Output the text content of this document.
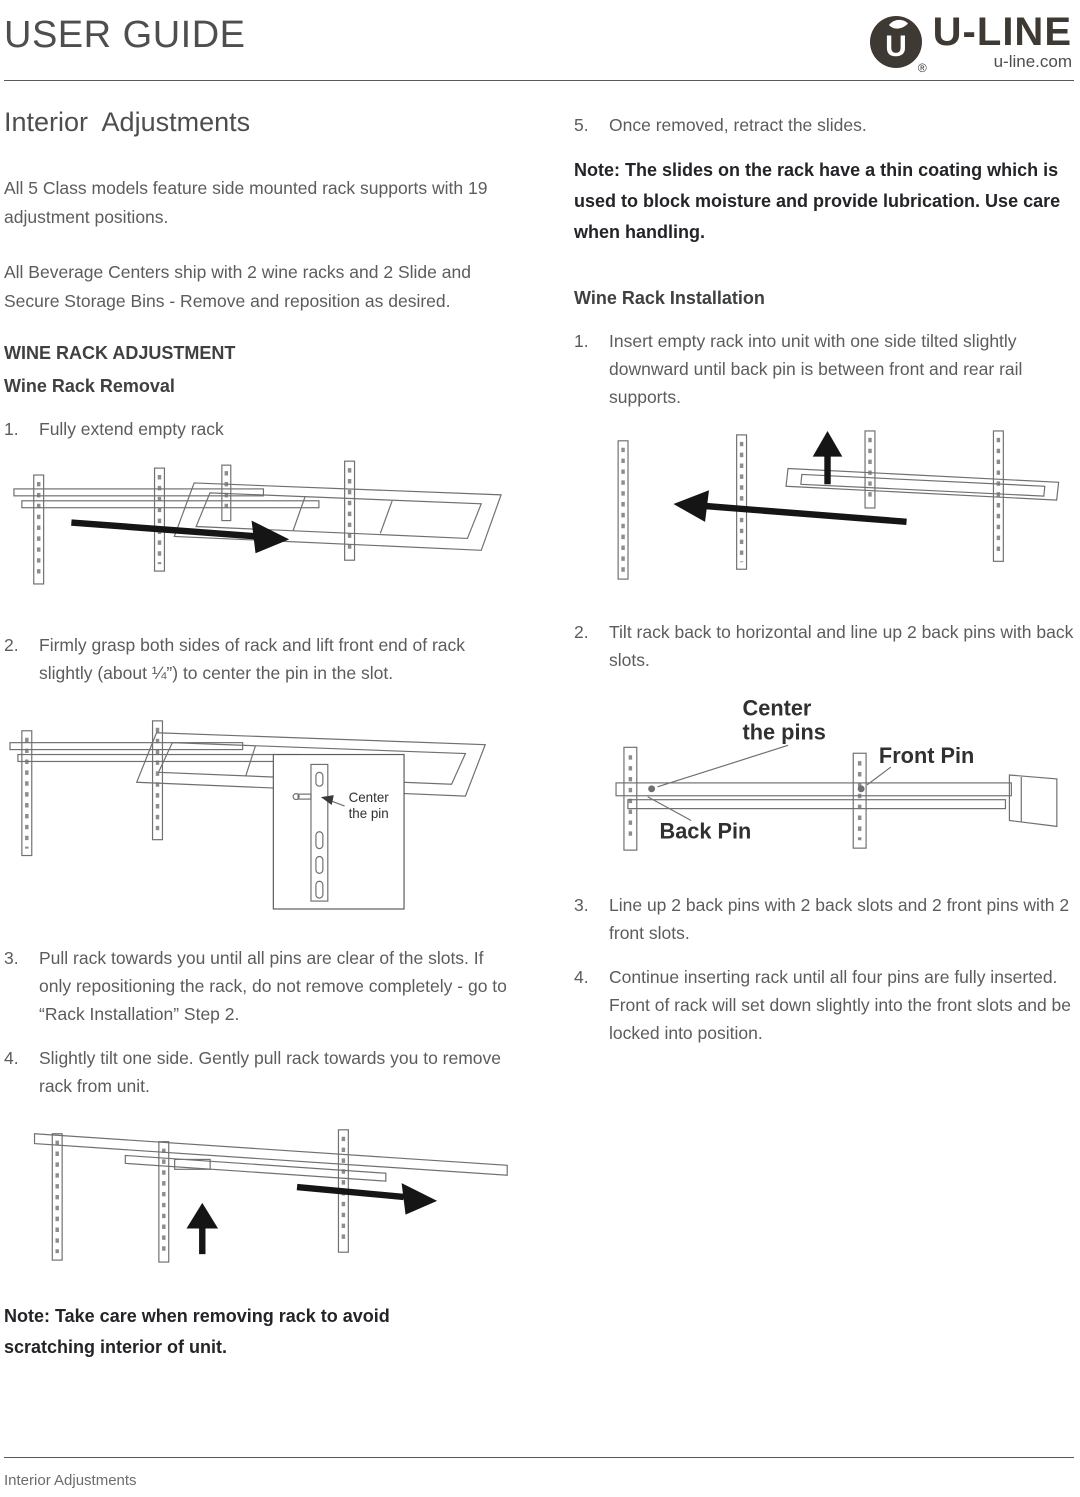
USER GUIDE	U
®
U-LINE
u-line.com
Interior  Adjustments

All 5 Class models feature side mounted rack supports with 19 adjustment positions.

All Beverage Centers ship with 2 wine racks and 2 Slide and Secure Storage Bins - Remove and reposition as desired.

WINE RACK ADJUSTMENT
Wine Rack Removal
1.	Fully extend empty rack
2.	Firmly grasp both sides of rack and lift front end of rack slightly (about ¼”) to center the pin in the slot.
Center
the pin
3.	Pull rack towards you until all pins are clear of the slots. If only repositioning the rack, do not remove completely - go to “Rack Installation” Step 2.
4.	Slightly tilt one side. Gently pull rack towards you to remove rack from unit.

Note: Take care when removing rack to avoid scratching interior of unit.

5.	Once removed, retract the slides.

Note: The slides on the rack have a thin coating which is used to block moisture and provide lubrication. Use care when handling.

Wine Rack Installation
1.	Insert empty rack into unit with one side tilted slightly downward until back pin is between front and rear rail supports.
2.	Tilt rack back to horizontal and line up 2 back pins with back slots.
Center
the pins
Front Pin
Back Pin
3.	Line up 2 back pins with 2 back slots and 2 front pins with 2 front slots.
4.	Continue inserting rack until all four pins are fully inserted. Front of rack will set down slightly into the front slots and be locked into position.
Interior Adjustments
